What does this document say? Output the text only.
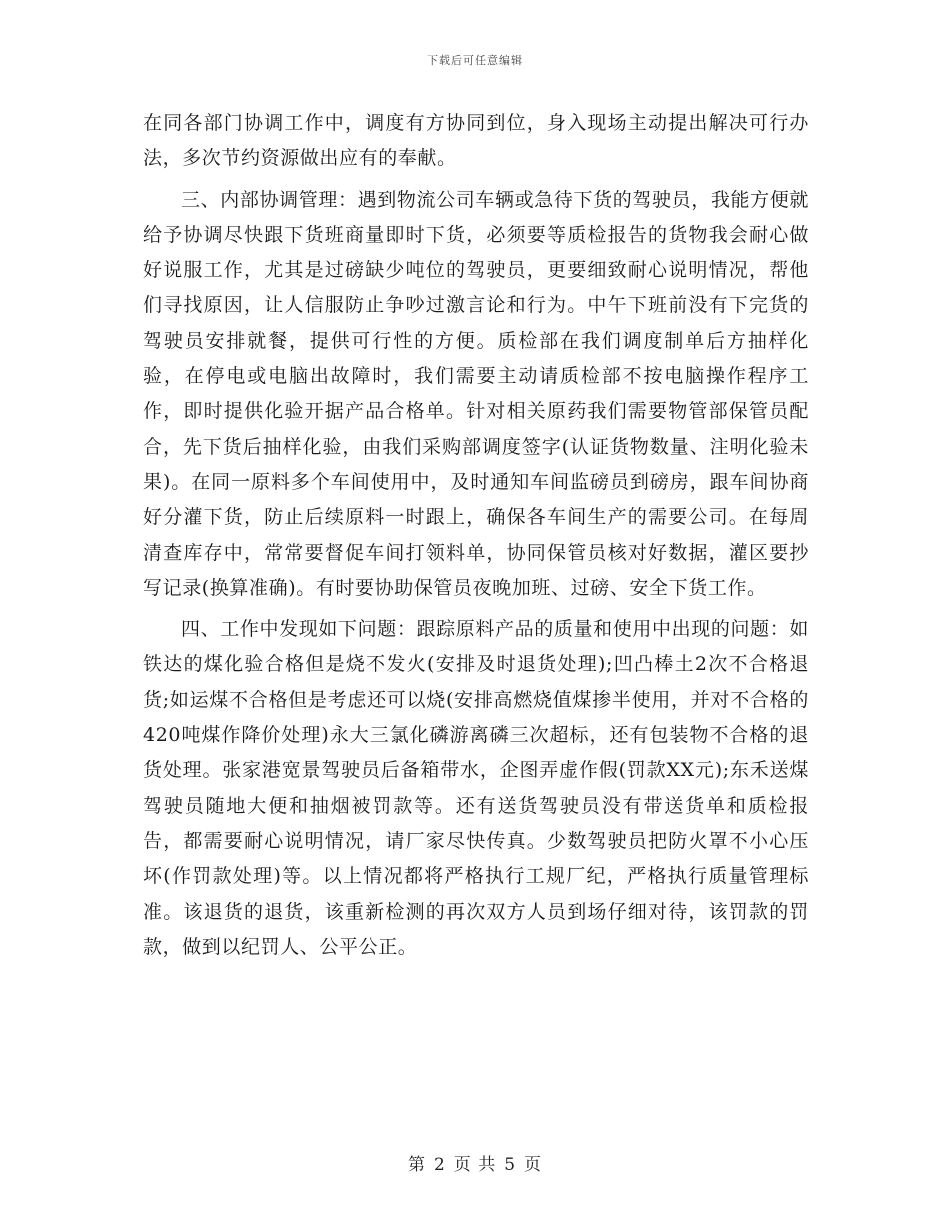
下载后可任意编辑

在同各部门协调工作中，调度有方协同到位，身入现场主动提出解决可行办法，多次节约资源做出应有的奉献。

三、内部协调管理：遇到物流公司车辆或急待下货的驾驶员，我能方便就给予协调尽快跟下货班商量即时下货，必须要等质检报告的货物我会耐心做好说服工作，尤其是过磅缺少吨位的驾驶员，更要细致耐心说明情况，帮他们寻找原因，让人信服防止争吵过激言论和行为。中午下班前没有下完货的驾驶员安排就餐，提供可行性的方便。质检部在我们调度制单后方抽样化验，在停电或电脑出故障时，我们需要主动请质检部不按电脑操作程序工作，即时提供化验开据产品合格单。针对相关原药我们需要物管部保管员配合，先下货后抽样化验，由我们采购部调度签字(认证货物数量、注明化验未果)。在同一原料多个车间使用中，及时通知车间监磅员到磅房，跟车间协商好分灌下货，防止后续原料一时跟上，确保各车间生产的需要公司。在每周清查库存中，常常要督促车间打领料单，协同保管员核对好数据，灌区要抄写记录(换算准确)。有时要协助保管员夜晚加班、过磅、安全下货工作。

四、工作中发现如下问题：跟踪原料产品的质量和使用中出现的问题：如铁达的煤化验合格但是烧不发火(安排及时退货处理);凹凸棒土2次不合格退货;如运煤不合格但是考虑还可以烧(安排高燃烧值煤掺半使用，并对不合格的420吨煤作降价处理)永大三氯化磷游离磷三次超标，还有包装物不合格的退货处理。张家港宽景驾驶员后备箱带水，企图弄虚作假(罚款XX元);东禾送煤驾驶员随地大便和抽烟被罚款等。还有送货驾驶员没有带送货单和质检报告，都需要耐心说明情况，请厂家尽快传真。少数驾驶员把防火罩不小心压坏(作罚款处理)等。以上情况都将严格执行工规厂纪，严格执行质量管理标准。该退货的退货，该重新检测的再次双方人员到场仔细对待，该罚款的罚款，做到以纪罚人、公平公正。

第 2 页 共 5 页
